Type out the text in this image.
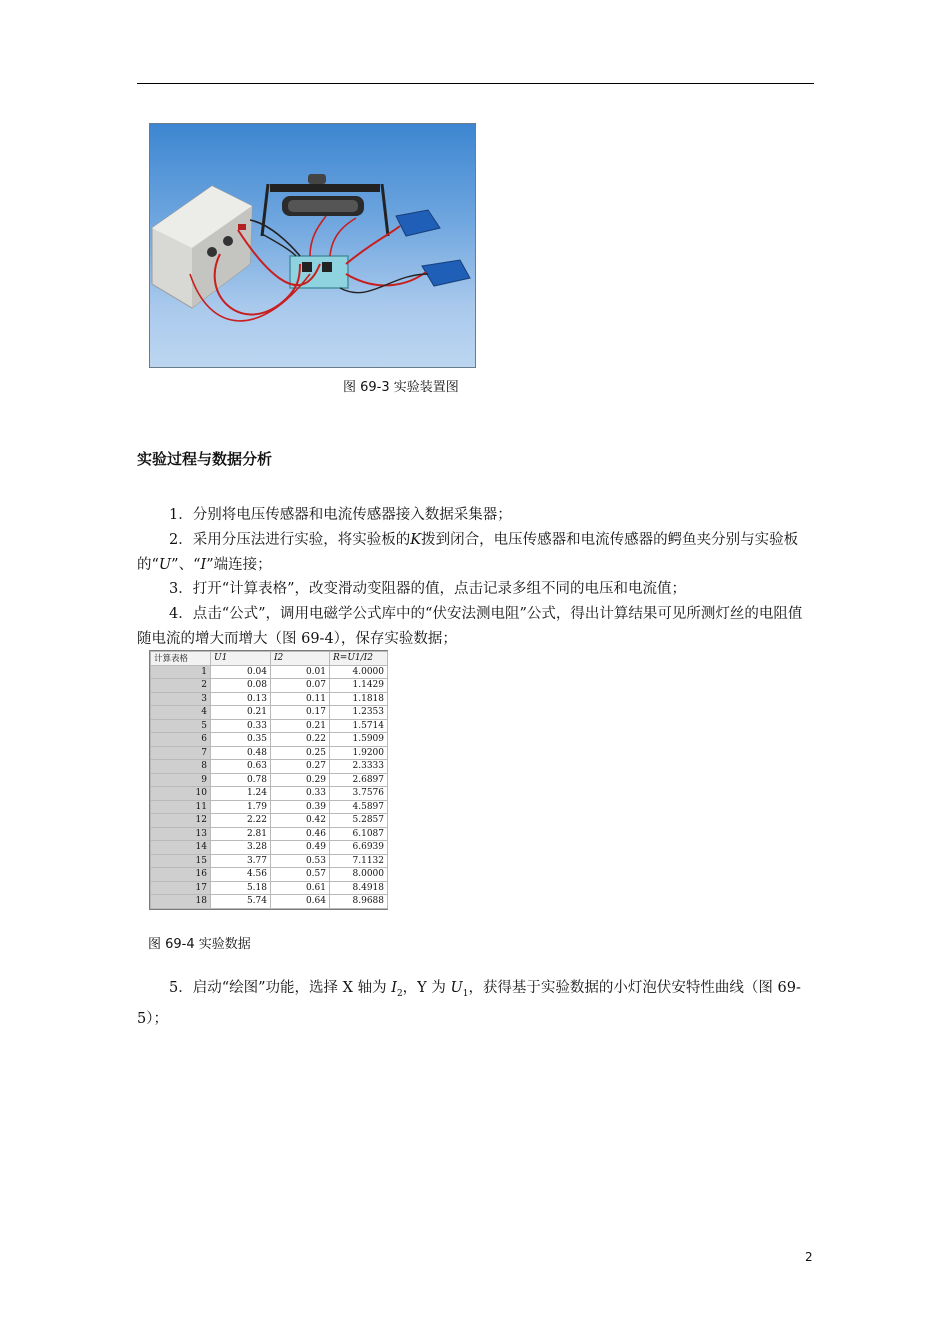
图 69-3 实验装置图
实验过程与数据分析

1．分别将电压传感器和电流传感器接入数据采集器；

2．采用分压法进行实验，将实验板的K拨到闭合，电压传感器和电流传感器的鳄鱼夹分别与实验板的“U”、“I”端连接；

3．打开“计算表格”，改变滑动变阻器的值，点击记录多组不同的电压和电流值；

4．点击“公式”，调用电磁学公式库中的“伏安法测电阻”公式，得出计算结果可见所测灯丝的电阻值随电流的增大而增大（图 69-4），保存实验数据；

计算表格	U1	I2	R=U1/I2
1	0.04	0.01	4.0000
2	0.08	0.07	1.1429
3	0.13	0.11	1.1818
4	0.21	0.17	1.2353
5	0.33	0.21	1.5714
6	0.35	0.22	1.5909
7	0.48	0.25	1.9200
8	0.63	0.27	2.3333
9	0.78	0.29	2.6897
10	1.24	0.33	3.7576
11	1.79	0.39	4.5897
12	2.22	0.42	5.2857
13	2.81	0.46	6.1087
14	3.28	0.49	6.6939
15	3.77	0.53	7.1132
16	4.56	0.57	8.0000
17	5.18	0.61	8.4918
18	5.74	0.64	8.9688
图 69-4 实验数据

5．启动“绘图”功能，选择 X 轴为 $I_2$，Y 为 $U_1$，获得基于实验数据的小灯泡伏安特性曲线（图 69-5）；

2
